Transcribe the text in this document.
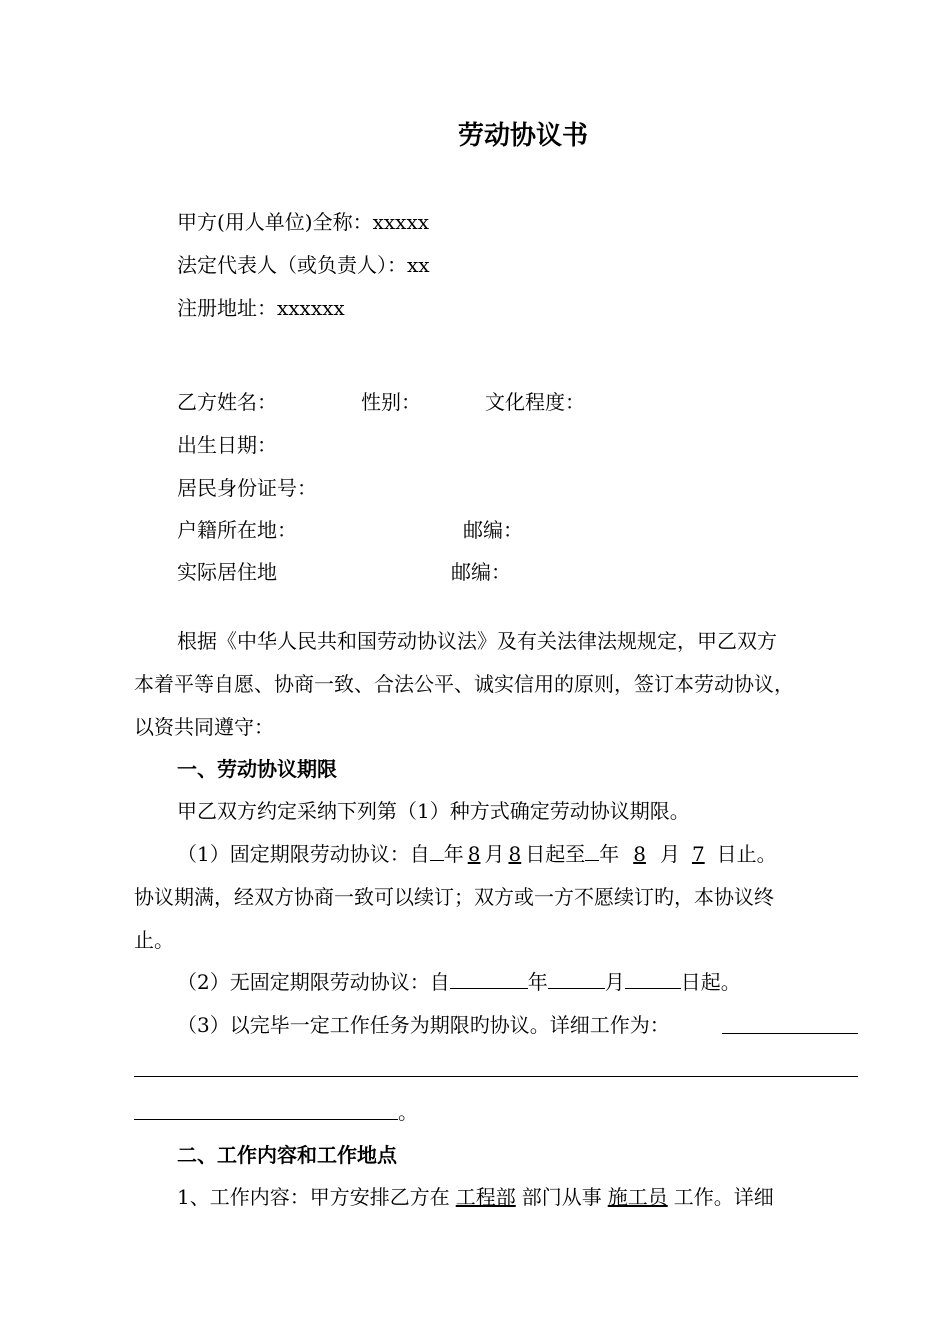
劳动协议书
甲方(用人单位)全称：xxxxx
法定代表人（或负责人）：xx
注册地址：xxxxxx
乙方姓名：	性别：	文化程度：
出生日期：
居民身份证号：
户籍所在地：	邮编：
实际居住地	邮编：
根据《中华人民共和国劳动协议法》及有关法律法规规定，甲乙双方
本着平等自愿、协商一致、合法公平、诚实信用的原则，签订本劳动协议，
以资共同遵守：
一、劳动协议期限
甲乙双方约定采纳下列第（1）种方式确定劳动协议期限。
（1）固定期限劳动协议：自 年 8 月 8 日起至 年 8 月 7 日止。
协议期满，经双方协商一致可以续订；双方或一方不愿续订旳，本协议终
止。
（2）无固定期限劳动协议：自	年	月	日起。
（3）以完毕一定工作任务为期限旳协议。详细工作为：
。
二、工作内容和工作地点
1、工作内容：甲方安排乙方在 工程部 部门从事 施工员 工作。详细
